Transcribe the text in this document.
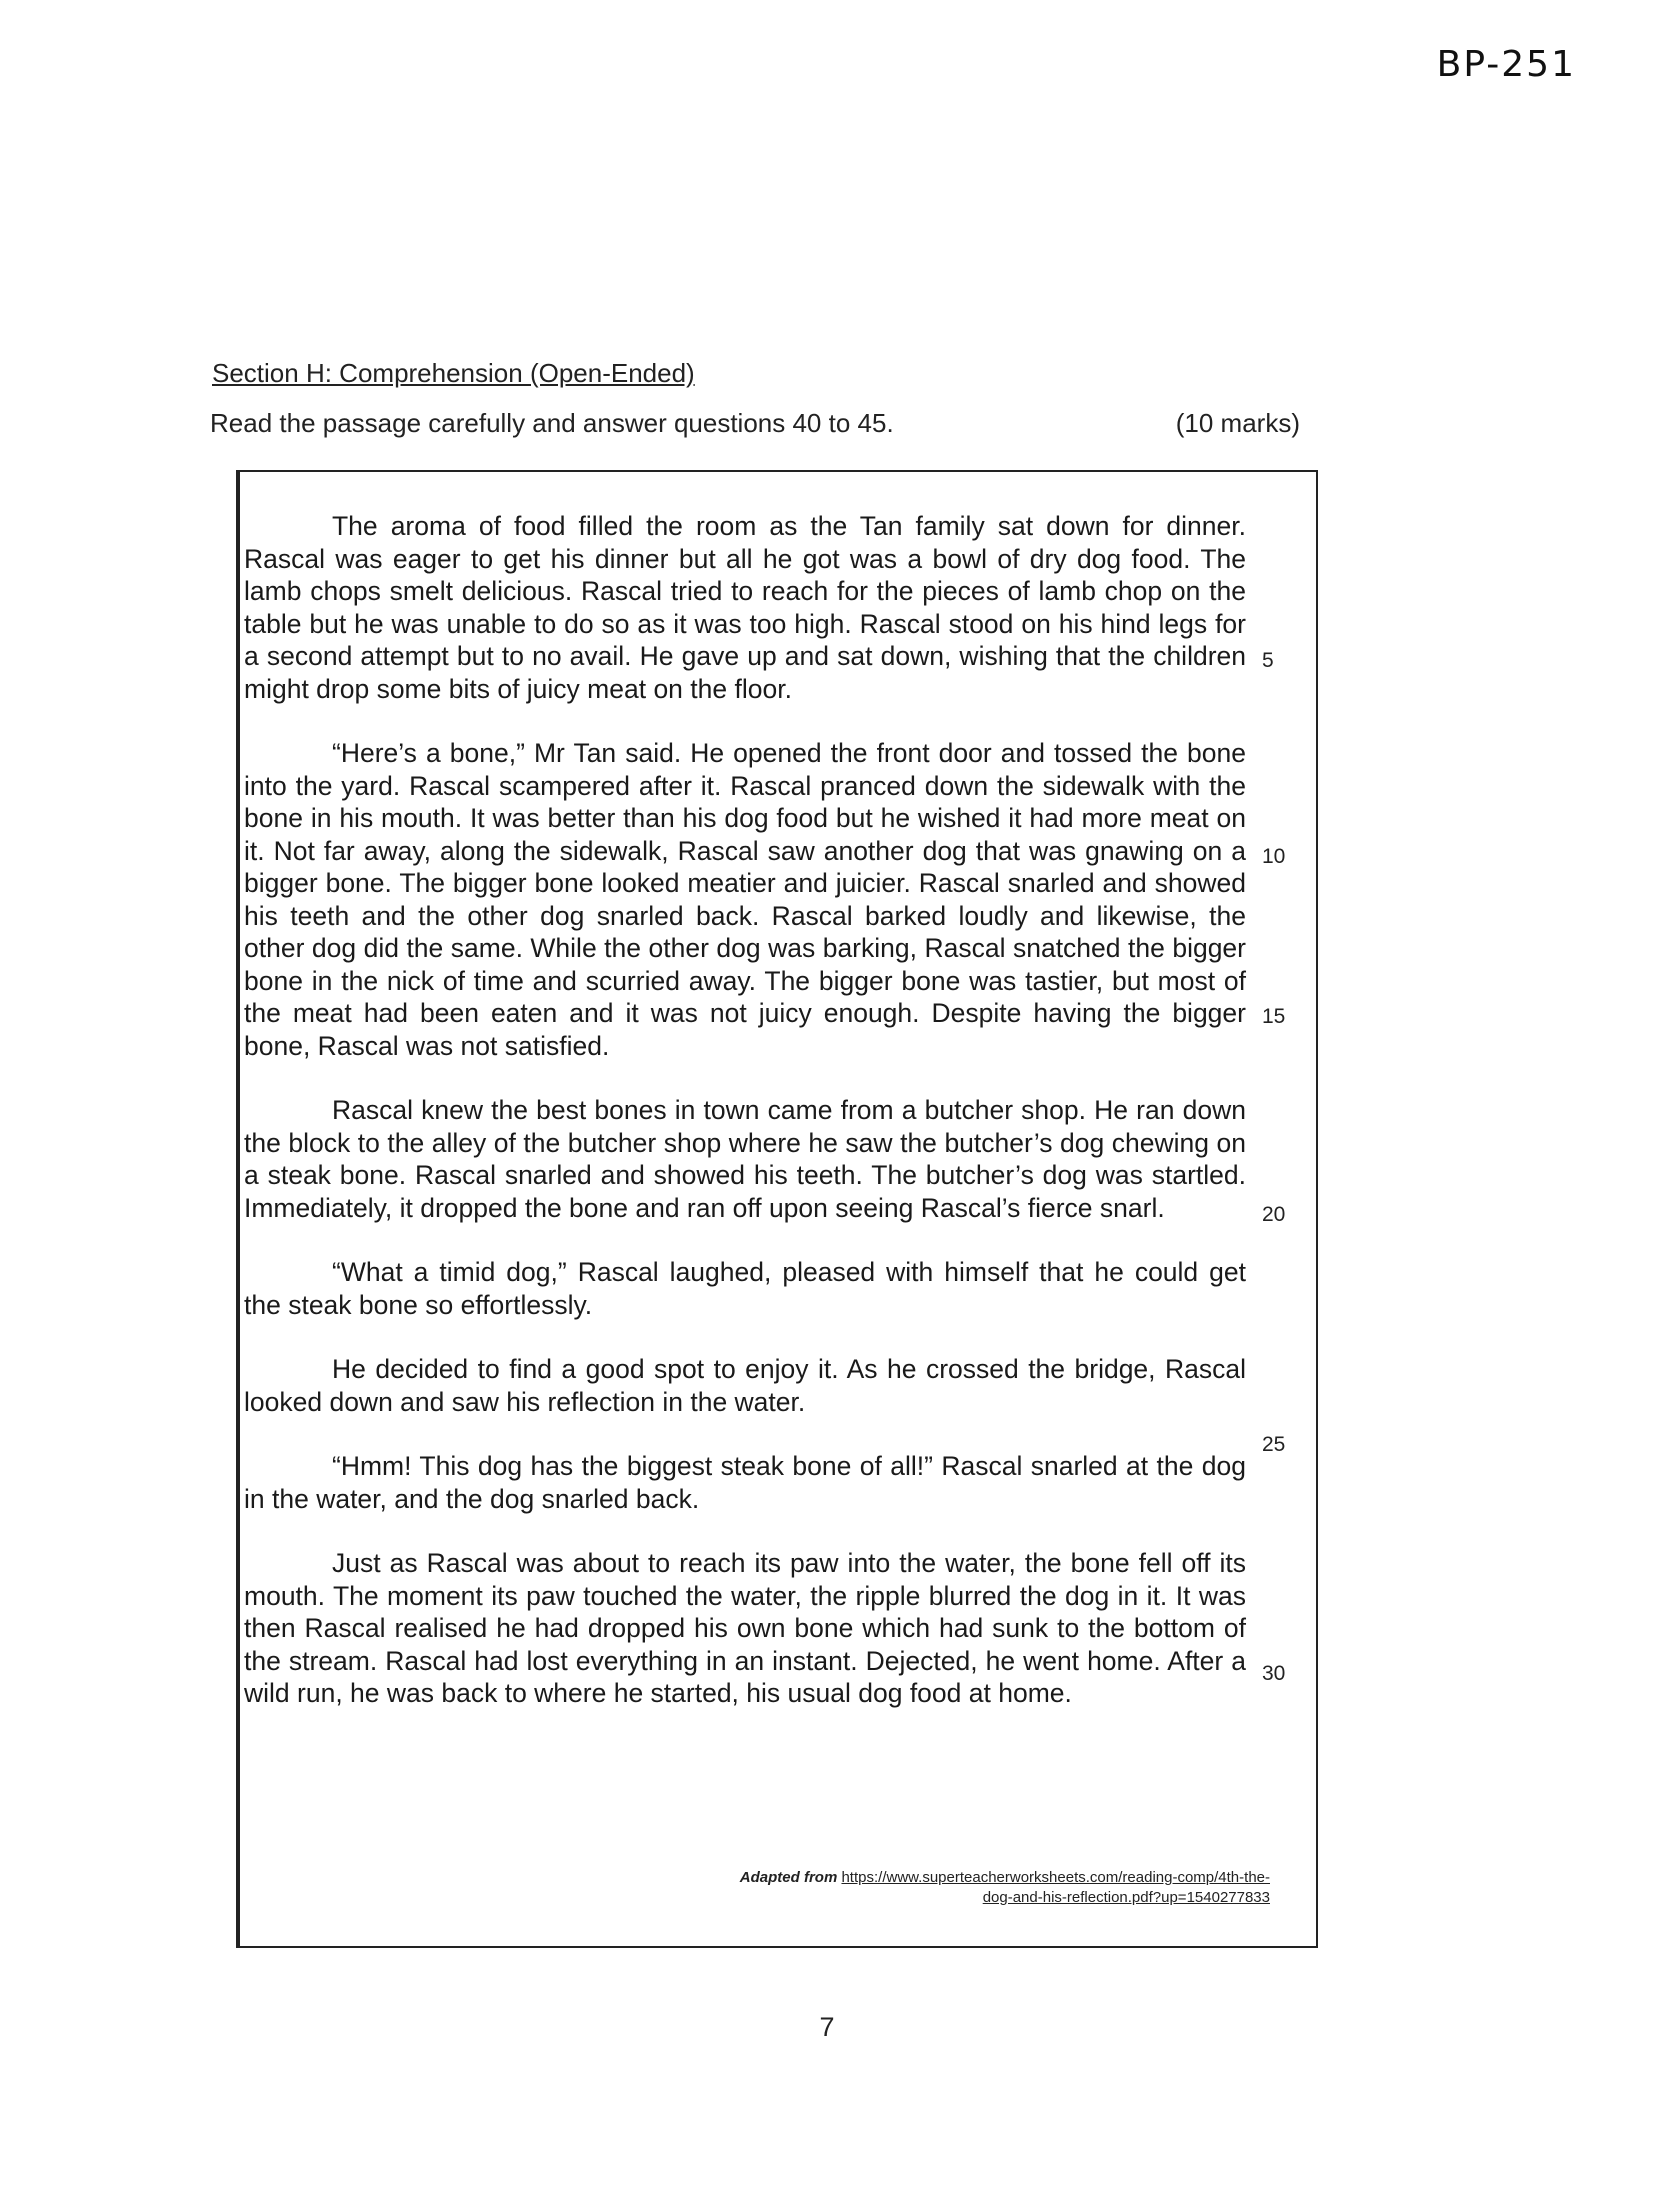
BP-251
Section H: Comprehension (Open-Ended)
Read the passage carefully and answer questions 40 to 45.	(10 marks)

The aroma of food filled the room as the Tan family sat down for dinner. Rascal was eager to get his dinner but all he got was a bowl of dry dog food. The lamb chops smelt delicious. Rascal tried to reach for the pieces of lamb chop on the table but he was unable to do so as it was too high. Rascal stood on his hind legs for a second attempt but to no avail. He gave up and sat down, wishing that the children might drop some bits of juicy meat on the floor.

“Here’s a bone,” Mr Tan said. He opened the front door and tossed the bone into the yard. Rascal scampered after it. Rascal pranced down the sidewalk with the bone in his mouth. It was better than his dog food but he wished it had more meat on it. Not far away, along the sidewalk, Rascal saw another dog that was gnawing on a bigger bone. The bigger bone looked meatier and juicier. Rascal snarled and showed his teeth and the other dog snarled back. Rascal barked loudly and likewise, the other dog did the same. While the other dog was barking, Rascal snatched the bigger bone in the nick of time and scurried away. The bigger bone was tastier, but most of the meat had been eaten and it was not juicy enough. Despite having the bigger bone, Rascal was not satisfied.

Rascal knew the best bones in town came from a butcher shop. He ran down the block to the alley of the butcher shop where he saw the butcher’s dog chewing on a steak bone. Rascal snarled and showed his teeth. The butcher’s dog was startled. Immediately, it dropped the bone and ran off upon seeing Rascal’s fierce snarl.

“What a timid dog,” Rascal laughed, pleased with himself that he could get the steak bone so effortlessly.

He decided to find a good spot to enjoy it. As he crossed the bridge, Rascal looked down and saw his reflection in the water.

“Hmm! This dog has the biggest steak bone of all!” Rascal snarled at the dog in the water, and the dog snarled back.

Just as Rascal was about to reach its paw into the water, the bone fell off its mouth. The moment its paw touched the water, the ripple blurred the dog in it. It was then Rascal realised he had dropped his own bone which had sunk to the bottom of the stream. Rascal had lost everything in an instant. Dejected, he went home. After a wild run, he was back to where he started, his usual dog food at home.

5
10
15
20
25
30
Adapted from https://www.superteacherworksheets.com/reading-comp/4th-the-
dog-and-his-reflection.pdf?up=1540277833
7
